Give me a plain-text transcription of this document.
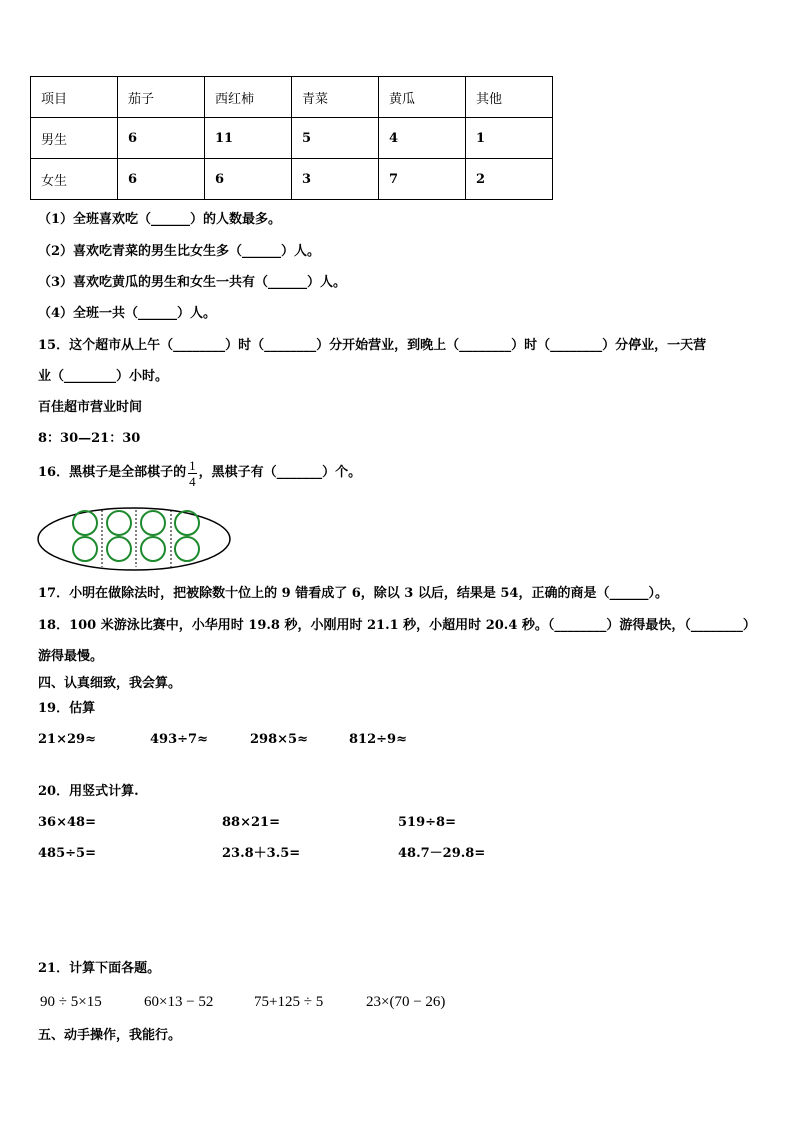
项目	茄子	西红柿	青菜	黄瓜	其他
男生	6	11	5	4	1
女生	6	6	3	7	2
（1）全班喜欢吃（______）的人数最多。
（2）喜欢吃青菜的男生比女生多（______）人。
（3）喜欢吃黄瓜的男生和女生一共有（______）人。
（4）全班一共（______）人。
15．这个超市从上午（________）时（________）分开始营业，到晚上（________）时（________）分停业，一天营
业（________）小时。
百佳超市营业时间
8：30—21：30
16．黑棋子是全部棋子的 $\frac{1}{4}$ ，黑棋子有（_______）个。
17．小明在做除法时，把被除数十位上的 9 错看成了 6，除以 3 以后，结果是 54，正确的商是（______）。
18．100 米游泳比赛中，小华用时 19.8 秒，小刚用时 21.1 秒，小超用时 20.4 秒。（________）游得最快，（________）
游得最慢。
四、认真细致，我会算。
19．估算
21×29≈	493÷7≈	298×5≈	812÷9≈
20．用竖式计算.
36×48=	88×21=	519÷8=
485÷5=	23.8＋3.5=	48.7－29.8=
21．计算下面各题。
90 ÷ 5×15	60×13 − 52	75+125 ÷ 5	23×(70 − 26)
五、动手操作，我能行。
